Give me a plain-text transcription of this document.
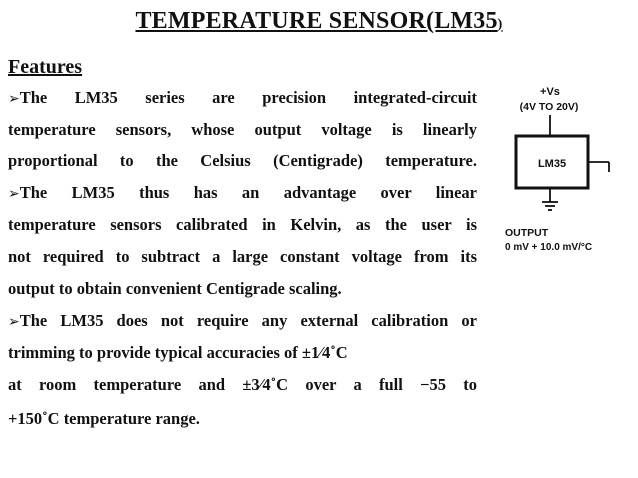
TEMPERATURE SENSOR(LM35)
Features
➢The LM35 series are precision integrated-circuit
temperature sensors, whose output voltage is linearly
proportional to the Celsius (Centigrade) temperature.
➢The LM35 thus has an advantage over linear
temperature sensors calibrated in Kelvin, as the user is
not required to subtract a large constant voltage from its
output to obtain convenient Centigrade scaling.
➢The LM35 does not require any external calibration or
trimming to provide typical accuracies of ±1⁄4˚C
at room temperature and ±3⁄4˚C over a full −55 to
+150˚C temperature range.
+Vs
(4V TO 20V)
LM35
OUTPUT
0 mV + 10.0 mV/°C
